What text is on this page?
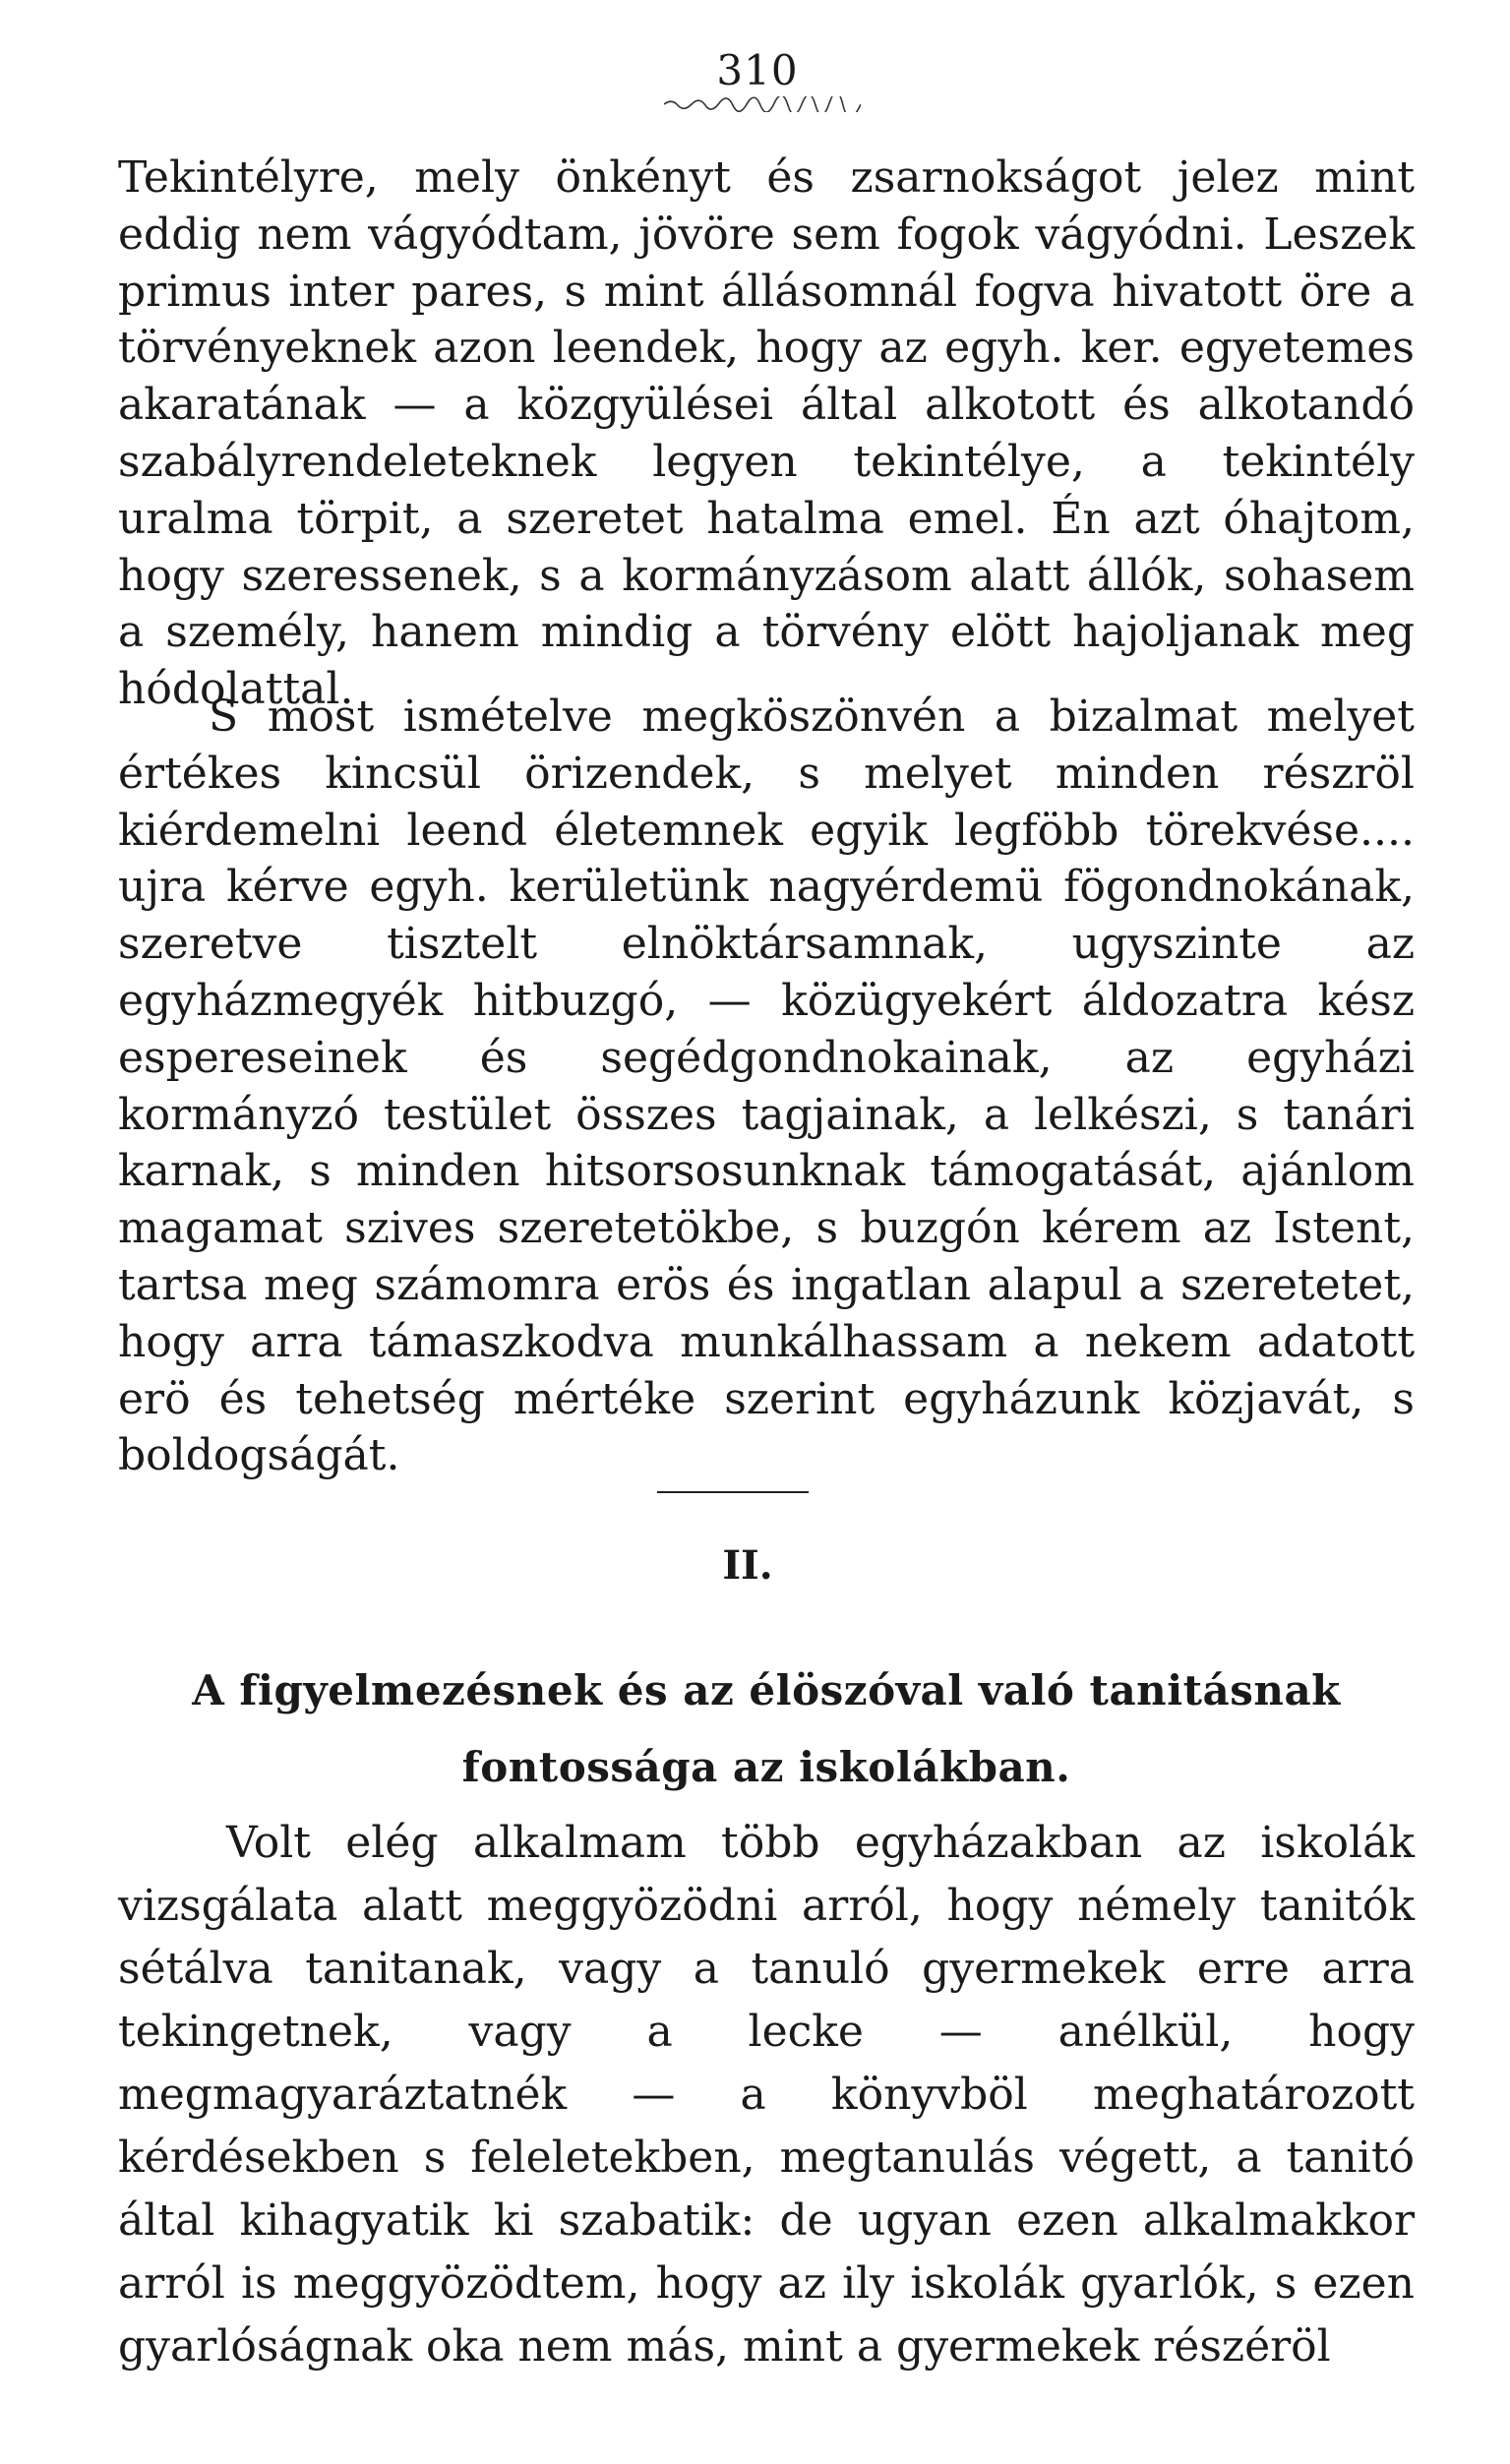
310
Tekintélyre, mely önkényt és zsarnokságot jelez mint eddig nem vágyódtam, jövöre sem fogok vágyódni. Leszek primus inter pares, s mint állásomnál fogva hivatott öre a törvényeknek azon leendek, hogy az egyh. ker. egyetemes akaratának — a közgyülései által alkotott és alkotandó szabályrendeleteknek legyen tekintélye, a tekintély uralma törpit, a szeretet hatalma emel. Én azt óhajtom, hogy szeressenek, s a kormányzásom alatt állók, sohasem a személy, hanem mindig a törvény elött hajoljanak meg hódolattal.
S most ismételve megköszönvén a bizalmat melyet értékes kincsül örizendek, s melyet minden részröl kiérdemelni leend életemnek egyik legföbb törekvése.... ujra kérve egyh. kerületünk nagyérdemü fögondnokának, szeretve tisztelt elnöktársamnak, ugyszinte az egyházmegyék hitbuzgó, — közügyekért áldozatra kész espereseinek és segédgondnokainak, az egyházi kormányzó testület összes tagjainak, a lelkészi, s tanári karnak, s minden hitsorsosunknak támogatását, ajánlom magamat szives szeretetökbe, s buzgón kérem az Istent, tartsa meg számomra erös és ingatlan alapul a szeretetet, hogy arra támaszkodva munkálhassam a nekem adatott erö és tehetség mértéke szerint egyházunk közjavát, s boldogságát.
II.
A figyelmezésnek és az élöszóval való tanitásnak fontossága az iskolákban.
Volt elég alkalmam több egyházakban az iskolák vizsgálata alatt meggyözödni arról, hogy némely tanitók sétálva tanitanak, vagy a tanuló gyermekek erre arra tekingetnek, vagy a lecke — anélkül, hogy megmagyaráztatnék — a könyvböl meghatározott kérdésekben s feleletekben, megtanulás végett, a tanitó által kihagyatik ki szabatik: de ugyan ezen alkalmakkor arról is meggyözödtem, hogy az ily iskolák gyarlók, s ezen gyarlóságnak oka nem más, mint a gyermekek részéröl
